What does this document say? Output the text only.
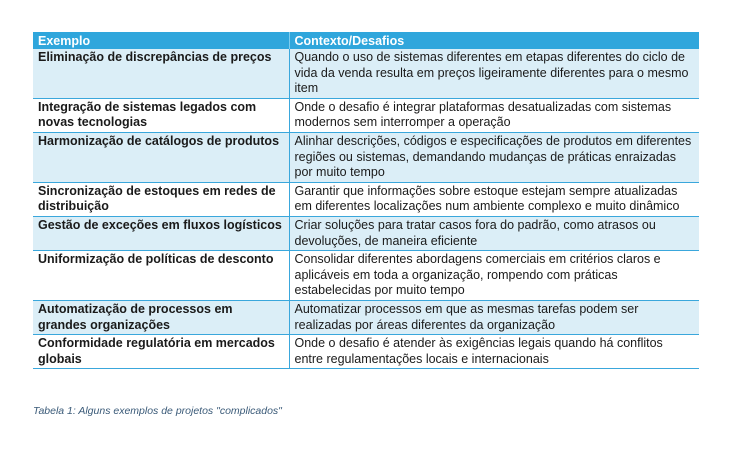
Exemplo	Contexto/Desafios
Eliminação de discrepâncias de preços	Quando o uso de sistemas diferentes em etapas diferentes do ciclo de vida da venda resulta em preços ligeiramente diferentes para o mesmo item
Integração de sistemas legados com novas tecnologias	Onde o desafio é integrar plataformas desatualizadas com sistemas modernos sem interromper a operação
Harmonização de catálogos de produtos	Alinhar descrições, códigos e especificações de produtos em diferentes regiões ou sistemas, demandando mudanças de práticas enraizadas por muito tempo
Sincronização de estoques em redes de distribuição	Garantir que informações sobre estoque estejam sempre atualizadas em diferentes localizações num ambiente complexo e muito dinâmico
Gestão de exceções em fluxos logísticos	Criar soluções para tratar casos fora do padrão, como atrasos ou devoluções, de maneira eficiente
Uniformização de políticas de desconto	Consolidar diferentes abordagens comerciais em critérios claros e aplicáveis em toda a organização, rompendo com práticas estabelecidas por muito tempo
Automatização de processos em grandes organizações	Automatizar processos em que as mesmas tarefas podem ser realizadas por áreas diferentes da organização
Conformidade regulatória em mercados globais	Onde o desafio é atender às exigências legais quando há conflitos entre regulamentações locais e internacionais
Tabela 1: Alguns exemplos de projetos "complicados"
